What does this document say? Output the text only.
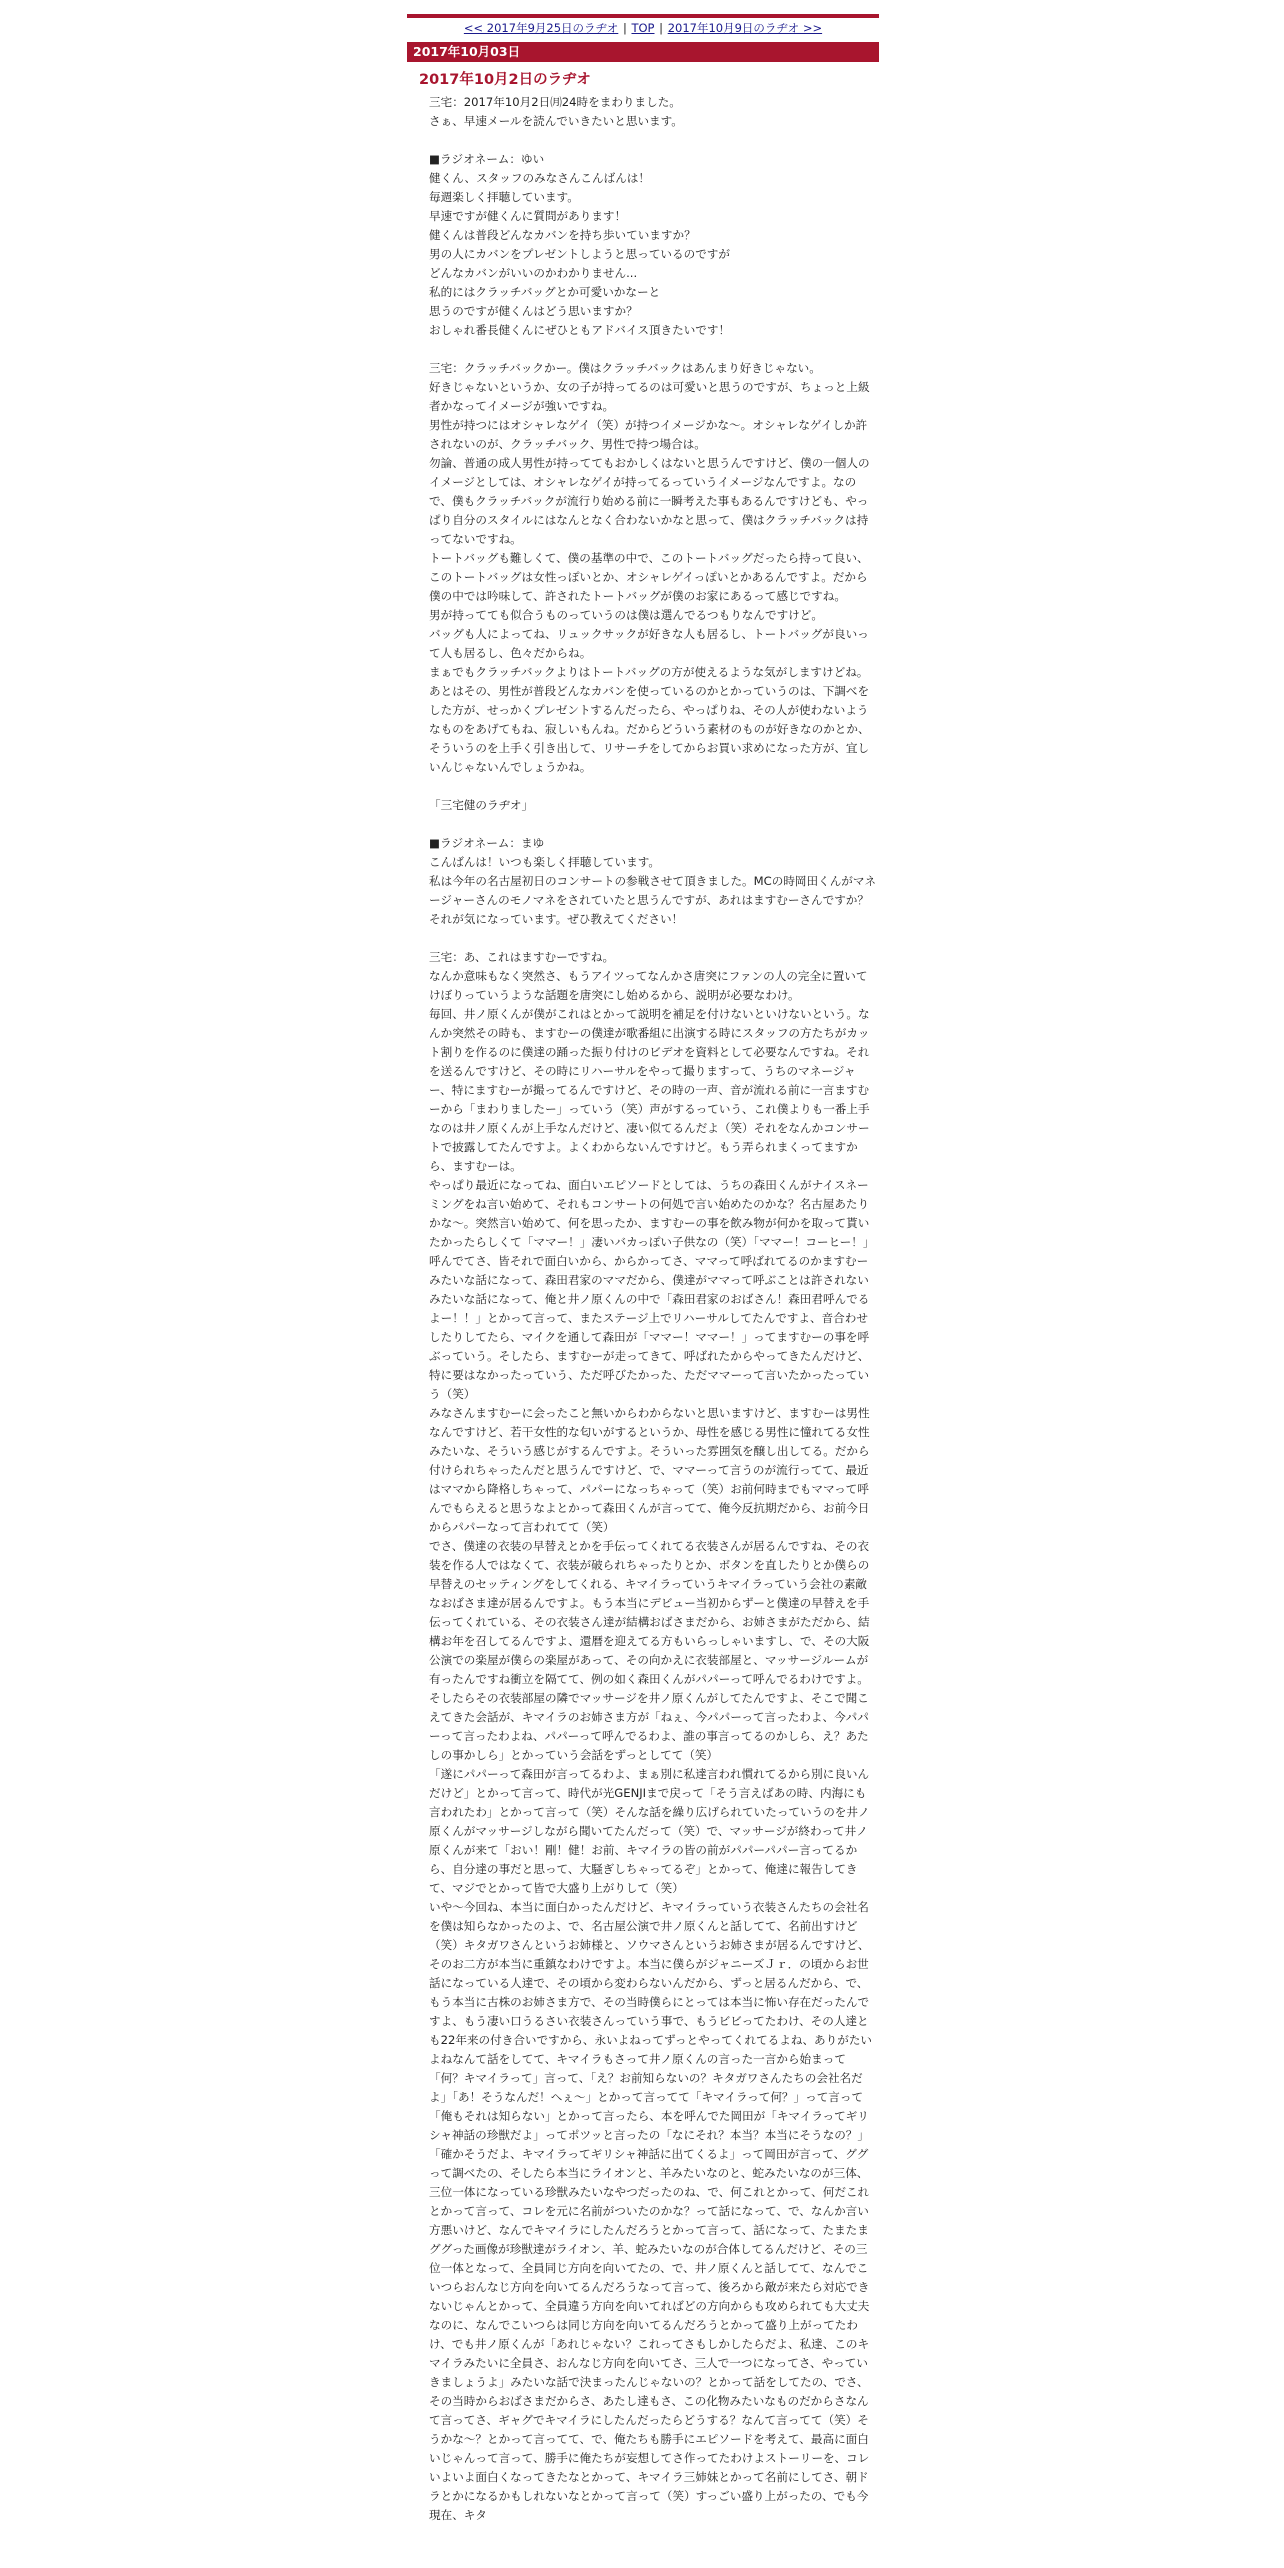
<< 2017年9月25日のラヂオ | TOP | 2017年10月9日のラヂオ >>
2017年10月03日
2017年10月2日のラヂオ

三宅：2017年10月2日㈪24時をまわりました。

さぁ、早速メールを読んでいきたいと思います。

■ラジオネーム：ゆい

健くん、スタッフのみなさんこんばんは！

毎週楽しく拝聴しています。

早速ですが健くんに質問があります！

健くんは普段どんなカバンを持ち歩いていますか？

男の人にカバンをプレゼントしようと思っているのですが

どんなカバンがいいのかわかりません...

私的にはクラッチバッグとか可愛いかなーと

思うのですが健くんはどう思いますか？

おしゃれ番長健くんにぜひともアドバイス頂きたいです！

三宅：クラッチバックかー。僕はクラッチバックはあんまり好きじゃない。

好きじゃないというか、女の子が持ってるのは可愛いと思うのですが、ちょっと上級者かなってイメージが強いですね。

男性が持つにはオシャレなゲイ（笑）が持つイメージかな～。オシャレなゲイしか許されないのが、クラッチバック、男性で持つ場合は。

勿論、普通の成人男性が持っててもおかしくはないと思うんですけど、僕の一個人のイメージとしては、オシャレなゲイが持ってるっていうイメージなんですよ。なので、僕もクラッチバックが流行り始める前に一瞬考えた事もあるんですけども、やっぱり自分のスタイルにはなんとなく合わないかなと思って、僕はクラッチバックは持ってないですね。

トートバッグも難しくて、僕の基準の中で、このトートバッグだったら持って良い、このトートバッグは女性っぽいとか、オシャレゲイっぽいとかあるんですよ。だから僕の中では吟味して、許されたトートバッグが僕のお家にあるって感じですね。

男が持ってても似合うものっていうのは僕は選んでるつもりなんですけど。

バッグも人によってね、リュックサックが好きな人も居るし、トートバッグが良いって人も居るし、色々だからね。

まぁでもクラッチバックよりはトートバッグの方が使えるような気がしますけどね。

あとはその、男性が普段どんなカバンを使っているのかとかっていうのは、下調べをした方が、せっかくプレゼントするんだったら、やっぱりね、その人が使わないようなものをあげてもね、寂しいもんね。だからどういう素材のものが好きなのかとか、そういうのを上手く引き出して、リサーチをしてからお買い求めになった方が、宜しいんじゃないんでしょうかね。

「三宅健のラヂオ」

■ラジオネーム：まゆ

こんばんは！いつも楽しく拝聴しています。

私は今年の名古屋初日のコンサートの参戦させて頂きました。MCの時岡田くんがマネージャーさんのモノマネをされていたと思うんですが、あれはますむーさんですか？それが気になっています。ぜひ教えてください！

三宅：あ、これはますむーですね。

なんか意味もなく突然さ、もうアイツってなんかさ唐突にファンの人の完全に置いてけぼりっていうような話題を唐突にし始めるから、説明が必要なわけ。

毎回、井ノ原くんが僕がこれはとかって説明を補足を付けないといけないという。なんか突然その時も、ますむーの僕達が歌番組に出演する時にスタッフの方たちがカット割りを作るのに僕達の踊った振り付けのビデオを資料として必要なんですね。それを送るんですけど、その時にリハーサルをやって撮りますって、うちのマネージャー、特にますむーが撮ってるんですけど、その時の一声、音が流れる前に一言ますむーから「まわりましたー」っていう（笑）声がするっていう、これ僕よりも一番上手なのは井ノ原くんが上手なんだけど、凄い似てるんだよ（笑）それをなんかコンサートで披露してたんですよ。よくわからないんですけど。もう弄られまくってますから、ますむーは。

やっぱり最近になってね、面白いエピソードとしては、うちの森田くんがナイスネーミングをね言い始めて、それもコンサートの何処で言い始めたのかな？名古屋あたりかな～。突然言い始めて、何を思ったか、ますむーの事を飲み物が何かを取って貰いたかったらしくて「ママー！」凄いバカっぽい子供なの（笑）「ママー！コーヒー！」呼んでてさ、皆それで面白いから、からかってさ、ママって呼ばれてるのかますむーみたいな話になって、森田君家のママだから、僕達がママって呼ぶことは許されないみたいな話になって、俺と井ノ原くんの中で「森田君家のおばさん！森田君呼んでるよー！！」とかって言って、またステージ上でリハーサルしてたんですよ、音合わせしたりしてたら、マイクを通して森田が「ママー！ママー！」ってますむーの事を呼ぶっていう。そしたら、ますむーが走ってきて、呼ばれたからやってきたんだけど、特に要はなかったっていう、ただ呼びたかった、ただママーって言いたかったっていう（笑）

みなさんますむーに会ったこと無いからわからないと思いますけど、ますむーは男性なんですけど、若干女性的な匂いがするというか、母性を感じる男性に憧れてる女性みたいな、そういう感じがするんですよ。そういった雰囲気を醸し出してる。だから付けられちゃったんだと思うんですけど、で、ママーって言うのが流行ってて、最近はママから降格しちゃって、パパーになっちゃって（笑）お前何時までもママって呼んでもらえると思うなよとかって森田くんが言ってて、俺今反抗期だから、お前今日からパパーなって言われてて（笑）

でさ、僕達の衣装の早替えとかを手伝ってくれてる衣装さんが居るんですね、その衣装を作る人ではなくて、衣装が破られちゃったりとか、ボタンを直したりとか僕らの早替えのセッティングをしてくれる、キマイラっていうキマイラっていう会社の素敵なおばさま達が居るんですよ。もう本当にデビュー当初からずーと僕達の早替えを手伝ってくれている、その衣装さん達が結構おばさまだから、お姉さまがただから、結構お年を召してるんですよ、還暦を迎えてる方もいらっしゃいますし、で、その大阪公演での楽屋が僕らの楽屋があって、その向かえに衣装部屋と、マッサージルームが有ったんですね衝立を隔てて、例の如く森田くんがパパーって呼んでるわけですよ。そしたらその衣装部屋の隣でマッサージを井ノ原くんがしてたんですよ、そこで聞こえてきた会話が、キマイラのお姉さま方が「ねぇ、今パパーって言ったわよ、今パパーって言ったわよね、パパーって呼んでるわよ、誰の事言ってるのかしら、え？あたしの事かしら」とかっていう会話をずっとしてて（笑）

「遂にパパーって森田が言ってるわよ、まぁ別に私達言われ慣れてるから別に良いんだけど」とかって言って、時代が光GENJIまで戻って「そう言えばあの時、内海にも言われたわ」とかって言って（笑）そんな話を繰り広げられていたっていうのを井ノ原くんがマッサージしながら聞いてたんだって（笑）で、マッサージが終わって井ノ原くんが来て「おい！剛！健！お前、キマイラの皆の前がパパーパパー言ってるから、自分達の事だと思って、大騒ぎしちゃってるぞ」とかって、俺達に報告してきて、マジでとかって皆で大盛り上がりして（笑）

いや～今回ね、本当に面白かったんだけど、キマイラっていう衣装さんたちの会社名を僕は知らなかったのよ、で、名古屋公演で井ノ原くんと話してて、名前出すけど（笑）キタガワさんというお姉様と、ソウマさんというお姉さまが居るんですけど、そのお二方が本当に重鎮なわけですよ。本当に僕らがジャニーズＪｒ．の頃からお世話になっている人達で、その頃から変わらないんだから、ずっと居るんだから、で、もう本当に古株のお姉さま方で、その当時僕らにとっては本当に怖い存在だったんですよ、もう凄い口うるさい衣装さんっていう事で、もうビビってたわけ、その人達とも22年来の付き合いですから、永いよねってずっとやってくれてるよね、ありがたいよねなんて話をしてて、キマイラもさって井ノ原くんの言った一言から始まって「何？キマイラって」言って、「え？お前知らないの？キタガワさんたちの会社名だよ」「あ！そうなんだ！へぇ～」とかって言ってて「キマイラって何？」って言って「俺もそれは知らない」とかって言ったら、本を呼んでた岡田が「キマイラってギリシャ神話の珍獣だよ」ってポツッと言ったの「なにそれ？本当？本当にそうなの？」「確かそうだよ、キマイラってギリシャ神話に出てくるよ」って岡田が言って、ググって調べたの、そしたら本当にライオンと、羊みたいなのと、蛇みたいなのが三体、三位一体になっている珍獣みたいなやつだったのね、で、何これとかって、何だこれとかって言って、コレを元に名前がついたのかな？って話になって、で、なんか言い方悪いけど、なんでキマイラにしたんだろうとかって言って、話になって、たまたまググった画像が珍獣達がライオン、羊、蛇みたいなのが合体してるんだけど、その三位一体となって、全員同じ方向を向いてたの、で、井ノ原くんと話してて、なんでこいつらおんなじ方向を向いてるんだろうなって言って、後ろから敵が来たら対応できないじゃんとかって、全員違う方向を向いてればどの方向からも攻められても大丈夫なのに、なんでこいつらは同じ方向を向いてるんだろうとかって盛り上がってたわけ、でも井ノ原くんが「あれじゃない？これってさもしかしたらだよ、私達、このキマイラみたいに全員さ、おんなじ方向を向いてさ、三人で一つになってさ、やっていきましょうよ」みたいな話で決まったんじゃないの？とかって話をしてたの、でさ、その当時からおばさまだからさ、あたし達もさ、この化物みたいなものだからさなんて言ってさ、ギャグでキマイラにしたんだったらどうする？なんて言ってて（笑）そうかな～？とかって言ってて、で、俺たちも勝手にエピソードを考えて、最高に面白いじゃんって言って、勝手に俺たちが妄想してさ作ってたわけよストーリーを、コレいよいよ面白くなってきたなとかって、キマイラ三姉妹とかって名前にしてさ、朝ドラとかになるかもしれないなとかって言って（笑）すっごい盛り上がったの、でも今現在、キタ
